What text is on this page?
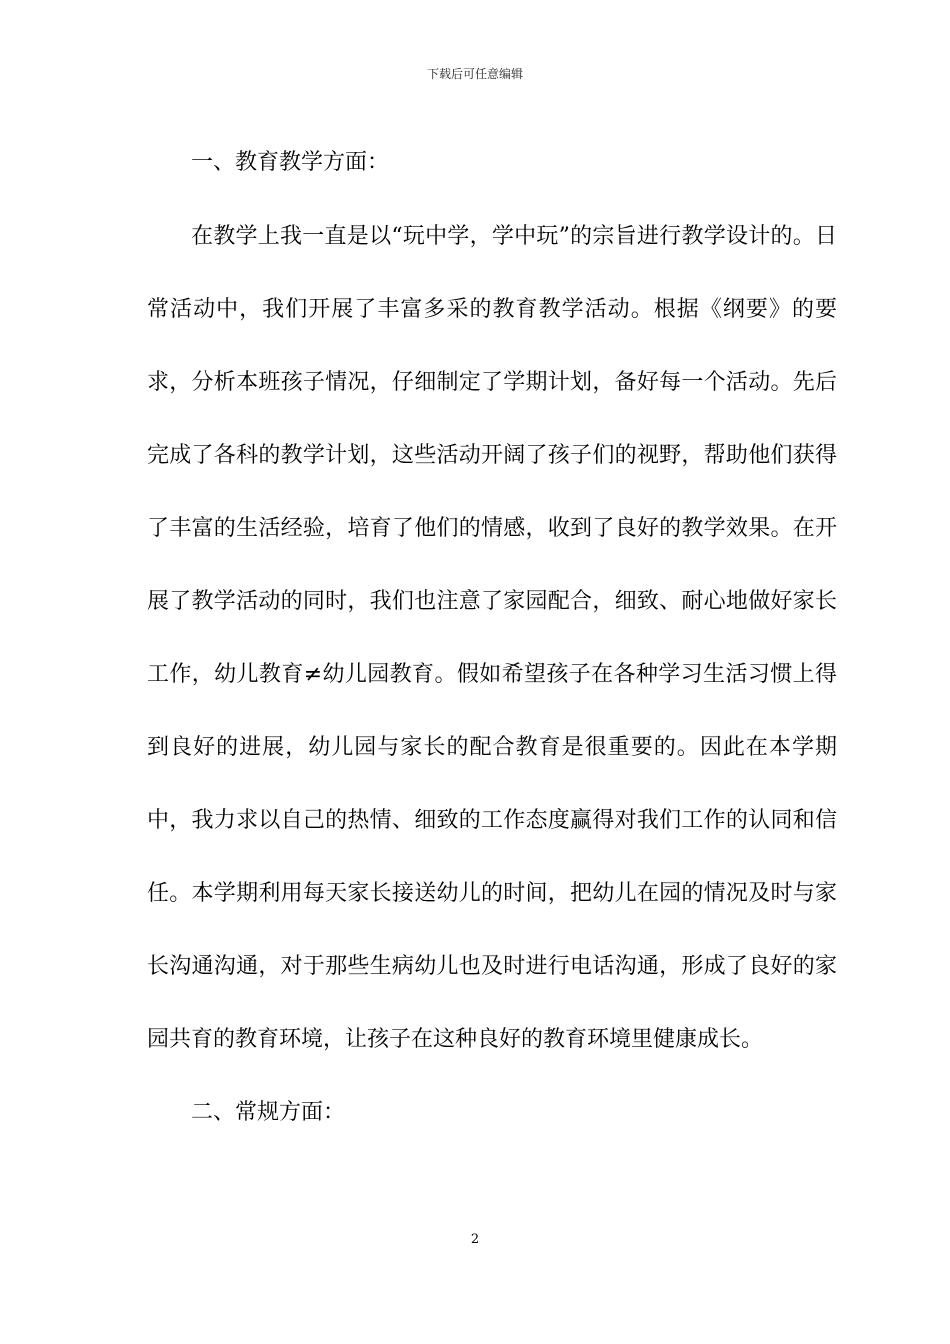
下载后可任意编辑
一、教育教学方面：

在教学上我一直是以“玩中学，学中玩”的宗旨进行教学设计的。日常活动中，我们开展了丰富多采的教育教学活动。根据《纲要》的要求，分析本班孩子情况，仔细制定了学期计划，备好每一个活动。先后完成了各科的教学计划，这些活动开阔了孩子们的视野，帮助他们获得了丰富的生活经验，培育了他们的情感，收到了良好的教学效果。在开展了教学活动的同时，我们也注意了家园配合，细致、耐心地做好家长工作，幼儿教育≠幼儿园教育。假如希望孩子在各种学习生活习惯上得到良好的进展，幼儿园与家长的配合教育是很重要的。因此在本学期中，我力求以自己的热情、细致的工作态度赢得对我们工作的认同和信任。本学期利用每天家长接送幼儿的时间，把幼儿在园的情况及时与家长沟通沟通，对于那些生病幼儿也及时进行电话沟通，形成了良好的家园共育的教育环境，让孩子在这种良好的教育环境里健康成长。

二、常规方面：
2
